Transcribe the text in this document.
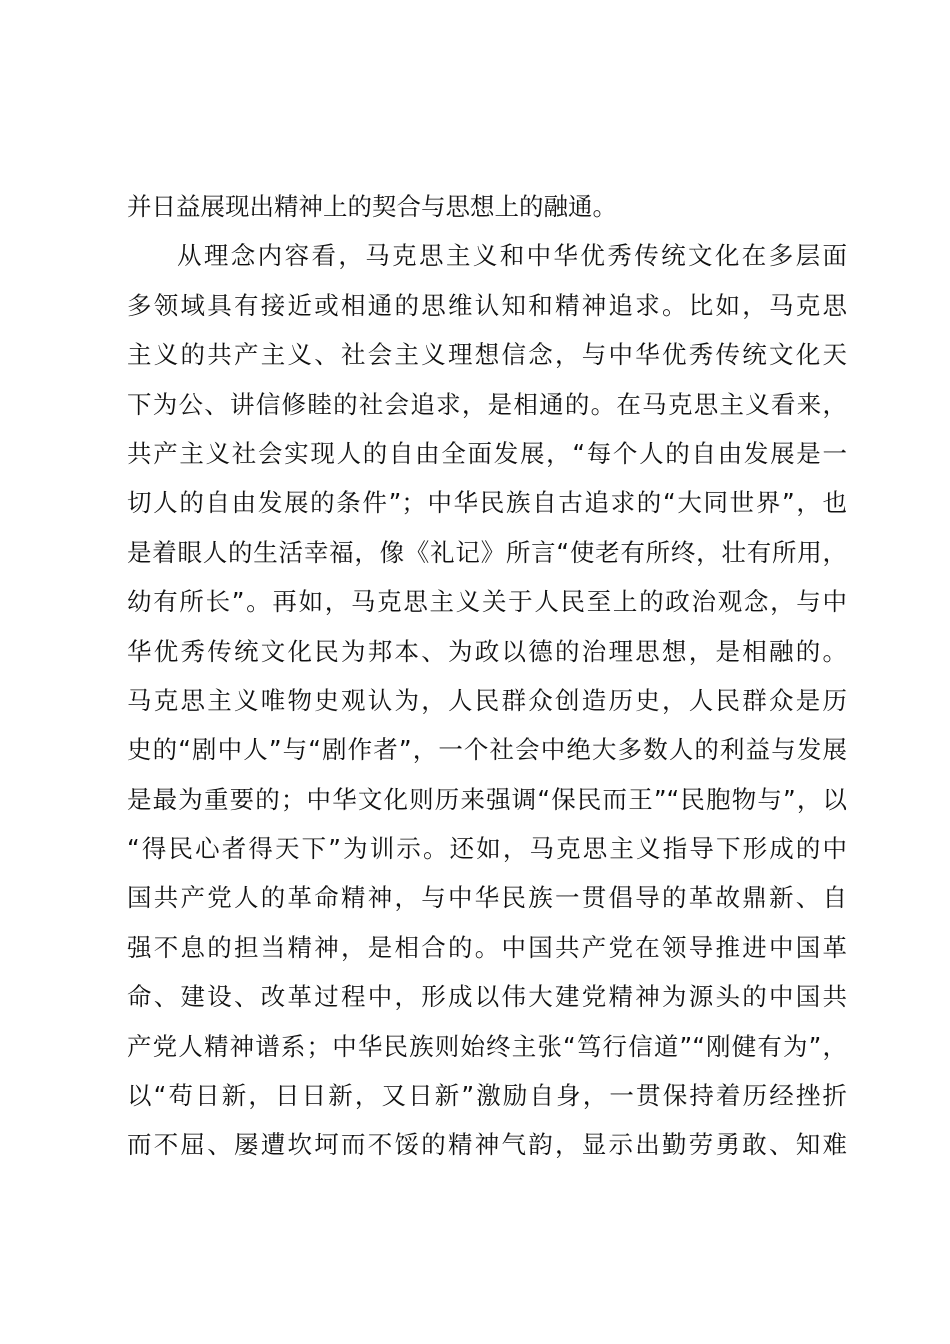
并日益展现出精神上的契合与思想上的融通。
从理念内容看，马克思主义和中华优秀传统文化在多层面
多领域具有接近或相通的思维认知和精神追求。比如，马克思
主义的共产主义、社会主义理想信念，与中华优秀传统文化天
下为公、讲信修睦的社会追求，是相通的。在马克思主义看来，
共产主义社会实现人的自由全面发展，“每个人的自由发展是一
切人的自由发展的条件”；中华民族自古追求的“大同世界”，也
是着眼人的生活幸福，像《礼记》所言“使老有所终，壮有所用，
幼有所长”。再如，马克思主义关于人民至上的政治观念，与中
华优秀传统文化民为邦本、为政以德的治理思想，是相融的。
马克思主义唯物史观认为，人民群众创造历史，人民群众是历
史的“剧中人”与“剧作者”，一个社会中绝大多数人的利益与发展
是最为重要的；中华文化则历来强调“保民而王”“民胞物与”，以
“得民心者得天下”为训示。还如，马克思主义指导下形成的中
国共产党人的革命精神，与中华民族一贯倡导的革故鼎新、自
强不息的担当精神，是相合的。中国共产党在领导推进中国革
命、建设、改革过程中，形成以伟大建党精神为源头的中国共
产党人精神谱系；中华民族则始终主张“笃行信道”“刚健有为”，
以“苟日新，日日新，又日新”激励自身，一贯保持着历经挫折
而不屈、屡遭坎坷而不馁的精神气韵，显示出勤劳勇敢、知难
